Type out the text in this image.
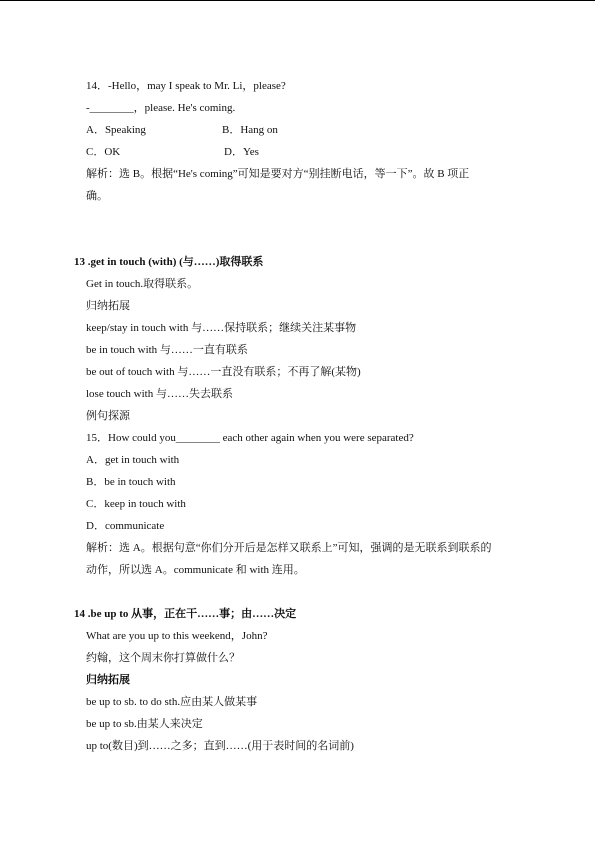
14．-Hello，may I speak to Mr. Li，please?
-________，please. He's coming.
A．Speaking	B．Hang on
C．OK	D．Yes
解析：选 B。根据“He's coming”可知是要对方“别挂断电话，等一下”。故 B 项正
确。
13 .get in touch (with) (与……)取得联系
Get in touch.取得联系。
归纳拓展
keep/stay in touch with 与……保持联系；继续关注某事物
be in touch with 与……一直有联系
be out of touch with 与……一直没有联系；不再了解(某物)
lose touch with 与……失去联系
例句探源
15．How could you________ each other again when you were separated?
A．get in touch with
B．be in touch with
C．keep in touch with
D．communicate
解析：选 A。根据句意“你们分开后是怎样又联系上”可知，强调的是无联系到联系的
动作，所以选 A。communicate 和 with 连用。
14 .be up to 从事，正在干……事；由……决定
What are you up to this weekend，John?
约翰，这个周末你打算做什么？
归纳拓展
be up to sb. to do sth.应由某人做某事
be up to sb.由某人来决定
up to(数目)到……之多；直到……(用于表时间的名词前)
